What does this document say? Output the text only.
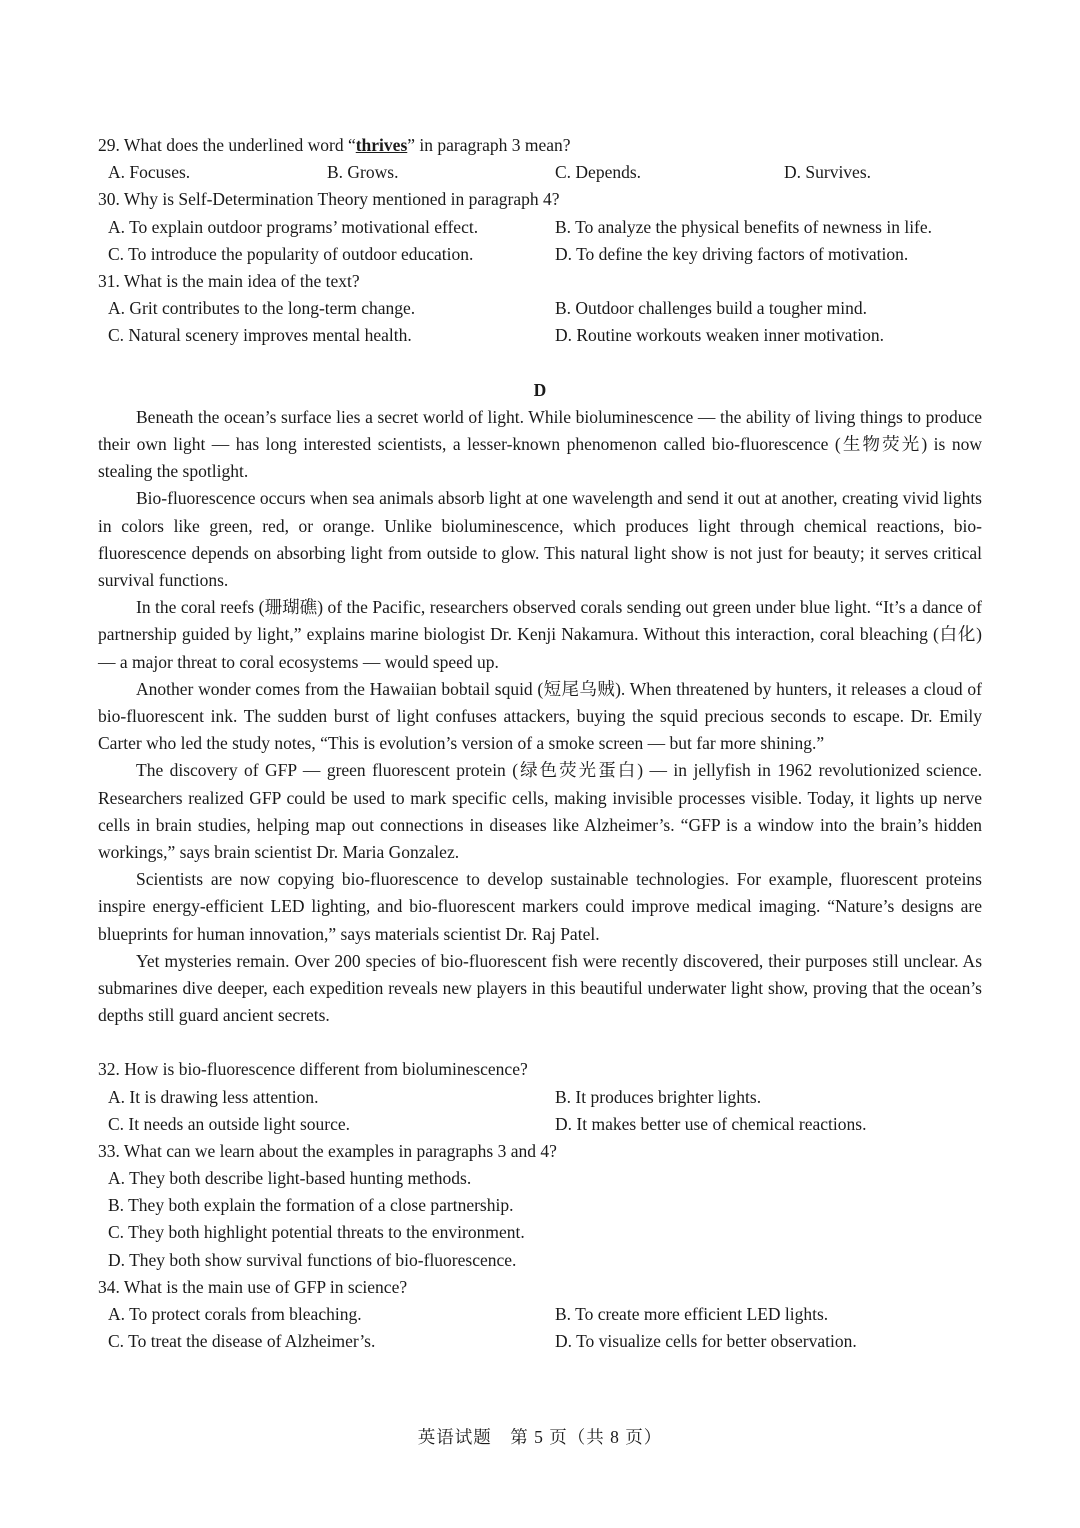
29. What does the underlined word “thrives” in paragraph 3 mean?
A. Focuses.	B. Grows.	C. Depends.	D. Survives.
30. Why is Self-Determination Theory mentioned in paragraph 4?
A. To explain outdoor programs’ motivational effect.	B. To analyze the physical benefits of newness in life.
C. To introduce the popularity of outdoor education.	D. To define the key driving factors of motivation.
31. What is the main idea of the text?
A. Grit contributes to the long-term change.	B. Outdoor challenges build a tougher mind.
C. Natural scenery improves mental health.	D. Routine workouts weaken inner motivation.
D

Beneath the ocean’s surface lies a secret world of light. While bioluminescence — the ability of living things to produce their own light — has long interested scientists, a lesser-known phenomenon called bio-fluorescence (生物荧光) is now stealing the spotlight.

Bio-fluorescence occurs when sea animals absorb light at one wavelength and send it out at another, creating vivid lights in colors like green, red, or orange. Unlike bioluminescence, which produces light through chemical reactions, bio-fluorescence depends on absorbing light from outside to glow. This natural light show is not just for beauty; it serves critical survival functions.

In the coral reefs (珊瑚礁) of the Pacific, researchers observed corals sending out green under blue light. “It’s a dance of partnership guided by light,” explains marine biologist Dr. Kenji Nakamura. Without this interaction, coral bleaching (白化) — a major threat to coral ecosystems — would speed up.

Another wonder comes from the Hawaiian bobtail squid (短尾乌贼). When threatened by hunters, it releases a cloud of bio-fluorescent ink. The sudden burst of light confuses attackers, buying the squid precious seconds to escape. Dr. Emily Carter who led the study notes, “This is evolution’s version of a smoke screen — but far more shining.”

The discovery of GFP — green fluorescent protein (绿色荧光蛋白) — in jellyfish in 1962 revolutionized science. Researchers realized GFP could be used to mark specific cells, making invisible processes visible. Today, it lights up nerve cells in brain studies, helping map out connections in diseases like Alzheimer’s. “GFP is a window into the brain’s hidden workings,” says brain scientist Dr. Maria Gonzalez.

Scientists are now copying bio-fluorescence to develop sustainable technologies. For example, fluorescent proteins inspire energy-efficient LED lighting, and bio-fluorescent markers could improve medical imaging. “Nature’s designs are blueprints for human innovation,” says materials scientist Dr. Raj Patel.

Yet mysteries remain. Over 200 species of bio-fluorescent fish were recently discovered, their purposes still unclear. As submarines dive deeper, each expedition reveals new players in this beautiful underwater light show, proving that the ocean’s depths still guard ancient secrets.

32. How is bio-fluorescence different from bioluminescence?
A. It is drawing less attention.	B. It produces brighter lights.
C. It needs an outside light source.	D. It makes better use of chemical reactions.
33. What can we learn about the examples in paragraphs 3 and 4?
A. They both describe light-based hunting methods.
B. They both explain the formation of a close partnership.
C. They both highlight potential threats to the environment.
D. They both show survival functions of bio-fluorescence.
34. What is the main use of GFP in science?
A. To protect corals from bleaching.	B. To create more efficient LED lights.
C. To treat the disease of Alzheimer’s.	D. To visualize cells for better observation.
英语试题　第 5 页（共 8 页）
